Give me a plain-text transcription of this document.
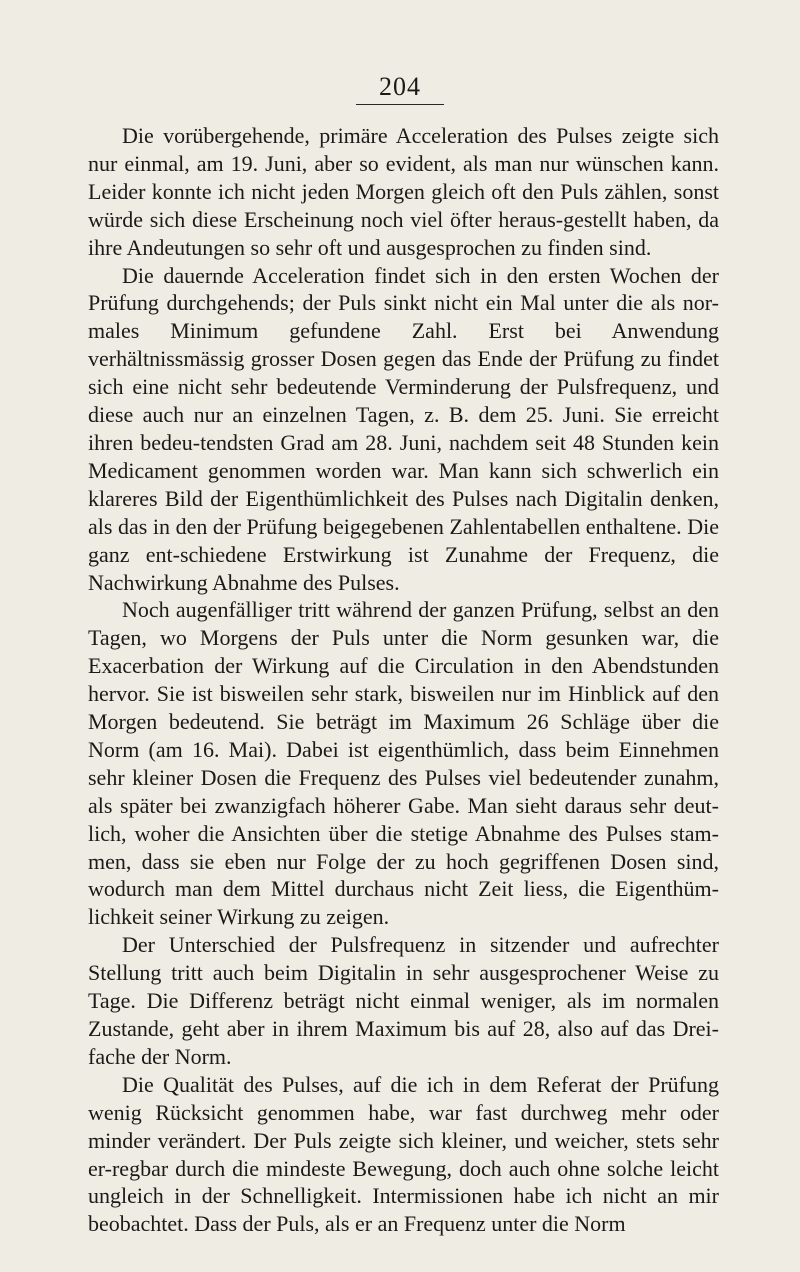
204

Die vorübergehende, primäre Acceleration des Pulses zeigte sich nur einmal, am 19. Juni, aber so evident, als man nur wünschen kann. Leider konnte ich nicht jeden Morgen gleich oft den Puls zählen, sonst würde sich diese Erscheinung noch viel öfter heraus-gestellt haben, da ihre Andeutungen so sehr oft und ausgesprochen zu finden sind.

Die dauernde Acceleration findet sich in den ersten Wochen der Prüfung durchgehends; der Puls sinkt nicht ein Mal unter die als nor-males Minimum gefundene Zahl. Erst bei Anwendung verhältnissmässig grosser Dosen gegen das Ende der Prüfung zu findet sich eine nicht sehr bedeutende Verminderung der Pulsfrequenz, und diese auch nur an einzelnen Tagen, z. B. dem 25. Juni. Sie erreicht ihren bedeu-tendsten Grad am 28. Juni, nachdem seit 48 Stunden kein Medicament genommen worden war. Man kann sich schwerlich ein klareres Bild der Eigenthümlichkeit des Pulses nach Digitalin denken, als das in den der Prüfung beigegebenen Zahlentabellen enthaltene. Die ganz ent-schiedene Erstwirkung ist Zunahme der Frequenz, die Nachwirkung Abnahme des Pulses.

Noch augenfälliger tritt während der ganzen Prüfung, selbst an den Tagen, wo Morgens der Puls unter die Norm gesunken war, die Exacerbation der Wirkung auf die Circulation in den Abendstunden hervor. Sie ist bisweilen sehr stark, bisweilen nur im Hinblick auf den Morgen bedeutend. Sie beträgt im Maximum 26 Schläge über die Norm (am 16. Mai). Dabei ist eigenthümlich, dass beim Einnehmen sehr kleiner Dosen die Frequenz des Pulses viel bedeutender zunahm, als später bei zwanzigfach höherer Gabe. Man sieht daraus sehr deut-lich, woher die Ansichten über die stetige Abnahme des Pulses stam-men, dass sie eben nur Folge der zu hoch gegriffenen Dosen sind, wodurch man dem Mittel durchaus nicht Zeit liess, die Eigenthüm-lichkeit seiner Wirkung zu zeigen.

Der Unterschied der Pulsfrequenz in sitzender und aufrechter Stellung tritt auch beim Digitalin in sehr ausgesprochener Weise zu Tage. Die Differenz beträgt nicht einmal weniger, als im normalen Zustande, geht aber in ihrem Maximum bis auf 28, also auf das Drei-fache der Norm.

Die Qualität des Pulses, auf die ich in dem Referat der Prüfung wenig Rücksicht genommen habe, war fast durchweg mehr oder minder verändert. Der Puls zeigte sich kleiner, und weicher, stets sehr er-regbar durch die mindeste Bewegung, doch auch ohne solche leicht ungleich in der Schnelligkeit. Intermissionen habe ich nicht an mir beobachtet. Dass der Puls, als er an Frequenz unter die Norm
